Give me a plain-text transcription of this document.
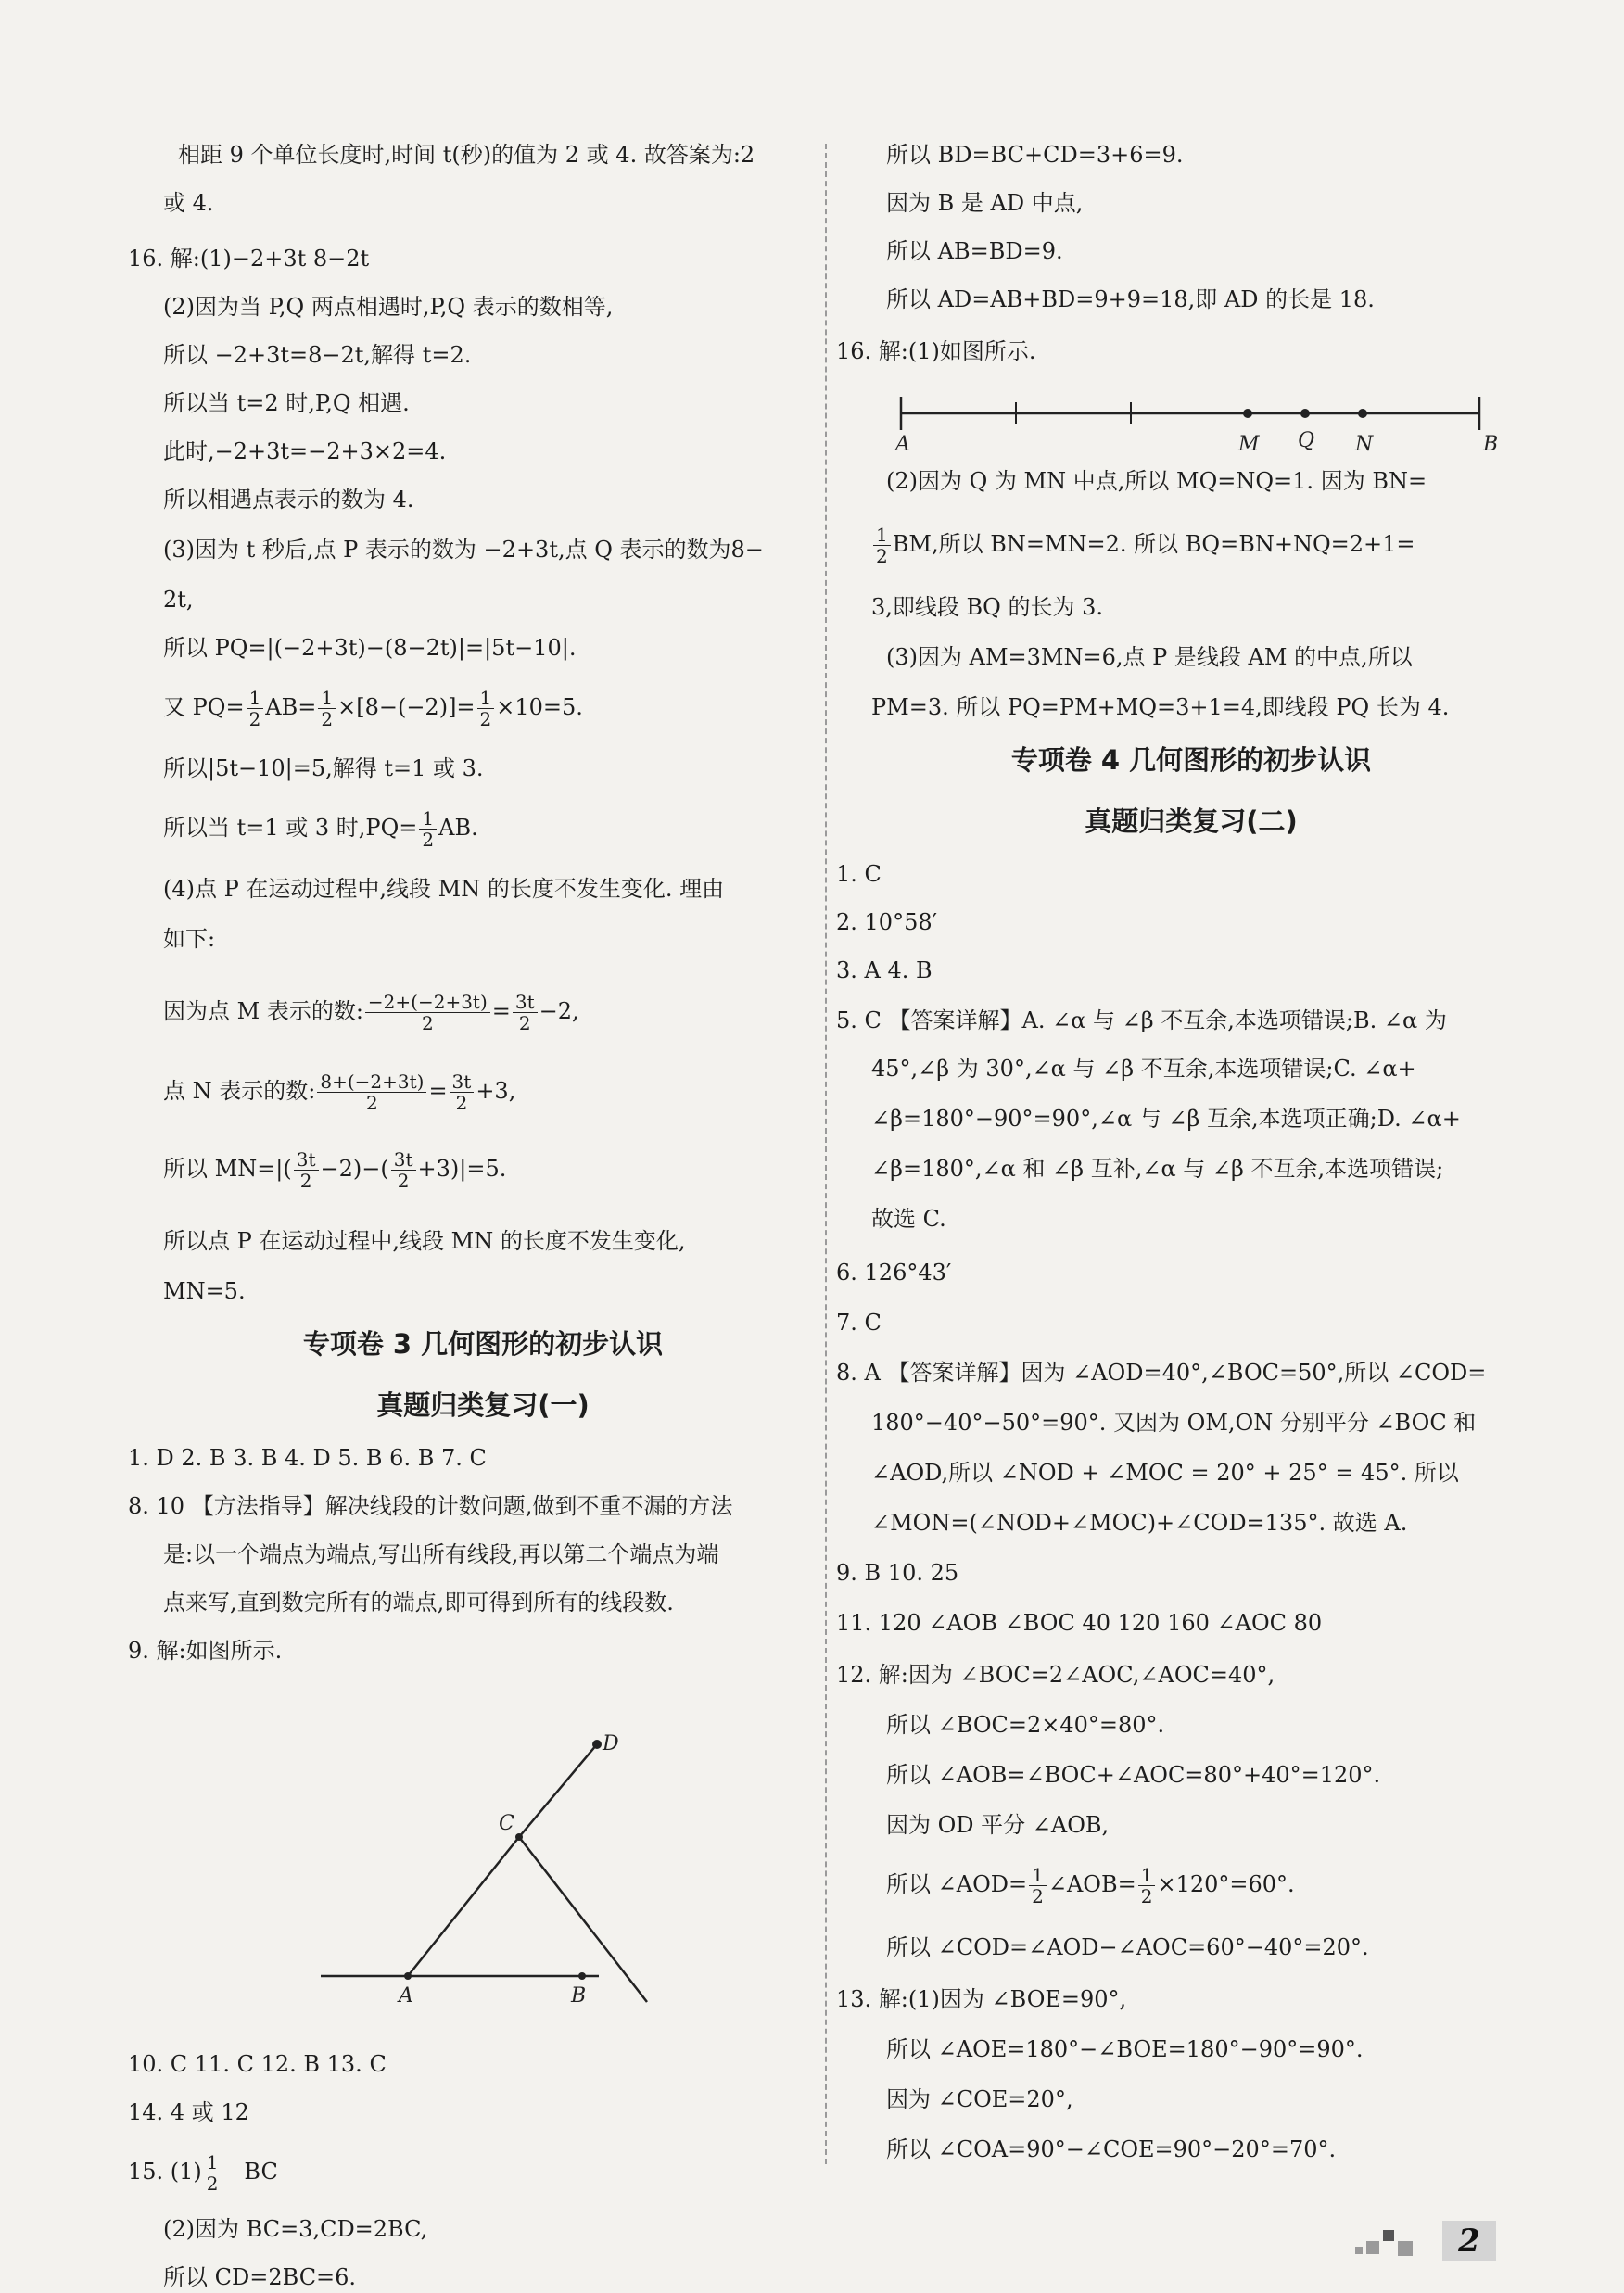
相距 9 个单位长度时,时间 t(秒)的值为 2 或 4. 故答案为:2
或 4.
16. 解:(1)−2+3t 8−2t
(2)因为当 P,Q 两点相遇时,P,Q 表示的数相等,
所以 −2+3t=8−2t,解得 t=2.
所以当 t=2 时,P,Q 相遇.
此时,−2+3t=−2+3×2=4.
所以相遇点表示的数为 4.
(3)因为 t 秒后,点 P 表示的数为 −2+3t,点 Q 表示的数为8−
2t,
所以 PQ=|(−2+3t)−(8−2t)|=|5t−10|.
又 $PQ= \frac{1}{2} AB= \frac{1}{2} \times[8-(-2)]= \frac{1}{2} \times 10=5$.
所以|5t−10|=5,解得 t=1 或 3.
所以当 t=1 或 3 时$,PQ= \frac{1}{2}$ AB.
(4)点 P 在运动过程中,线段 MN 的长度不发生变化. 理由
如下:
因为点 M 表示的数: $\frac{-2+(-2+3t)}{2} = \frac{3t}{2} -2$,
点 N 表示的数: $\frac{8+(-2+3t)}{2} = \frac{3t}{2} +3$,
所以 $MN=|( \frac{3t}{2} -2)-( \frac{3t}{2} +3)|=5$.
所以点 P 在运动过程中,线段 MN 的长度不发生变化,
MN=5.
专项卷 3 几何图形的初步认识
真题归类复习(一)
1. D 2. B 3. B 4. D 5. B 6. B 7. C
8. 10 【方法指导】解决线段的计数问题,做到不重不漏的方法
是:以一个端点为端点,写出所有线段,再以第二个端点为端
点来写,直到数完所有的端点,即可得到所有的线段数.
9. 解:如图所示.
D
C
A	B
10. C 11. C 12. B 13. C
14. 4 或 12
15. $(1) \frac{1}{2}$ BC
(2)因为 BC=3,CD=2BC,
所以 CD=2BC=6.
所以 BD=BC+CD=3+6=9.
因为 B 是 AD 中点,
所以 AB=BD=9.
所以 AD=AB+BD=9+9=18,即 AD 的长是 18.
16. 解:(1)如图所示.
A	M Q N	B
(2)因为 Q 为 MN 中点,所以 MQ=NQ=1. 因为 BN=
$\frac{1}{2}$ BM,所以 BN=MN=2. 所以 BQ=BN+NQ=2+1=
3,即线段 BQ 的长为 3.
(3)因为 AM=3MN=6,点 P 是线段 AM 的中点,所以
PM=3. 所以 PQ=PM+MQ=3+1=4,即线段 PQ 长为 4.
专项卷 4 几何图形的初步认识
真题归类复习(二)
1. C
2. 10°58′
3. A 4. B
5. C 【答案详解】A. ∠α 与 ∠β 不互余,本选项错误;B. ∠α 为
45°,∠β 为 30°,∠α 与 ∠β 不互余,本选项错误;C. ∠α+
∠β=180°−90°=90°,∠α 与 ∠β 互余,本选项正确;D. ∠α+
∠β=180°,∠α 和 ∠β 互补,∠α 与 ∠β 不互余,本选项错误;
故选 C.
6. 126°43′
7. C
8. A 【答案详解】因为 ∠AOD=40°,∠BOC=50°,所以 ∠COD=
180°−40°−50°=90°. 又因为 OM,ON 分别平分 ∠BOC 和
∠AOD,所以 ∠NOD + ∠MOC = 20° + 25° = 45°. 所以
∠MON=(∠NOD+∠MOC)+∠COD=135°. 故选 A.
9. B 10. 25
11. 120 ∠AOB ∠BOC 40 120 160 ∠AOC 80
12. 解:因为 ∠BOC=2∠AOC,∠AOC=40°,
所以 ∠BOC=2×40°=80°.
所以 ∠AOB=∠BOC+∠AOC=80°+40°=120°.
因为 OD 平分 ∠AOB,
所以 ∠AOD= $\frac{1}{2}$ ∠AOB= $\frac{1}{2} \times 120^\circ=60^\circ$.
所以 ∠COD=∠AOD−∠AOC=60°−40°=20°.
13. 解:(1)因为 ∠BOE=90°,
所以 ∠AOE=180°−∠BOE=180°−90°=90°.
因为 ∠COE=20°,
所以 ∠COA=90°−∠COE=90°−20°=70°.
2
